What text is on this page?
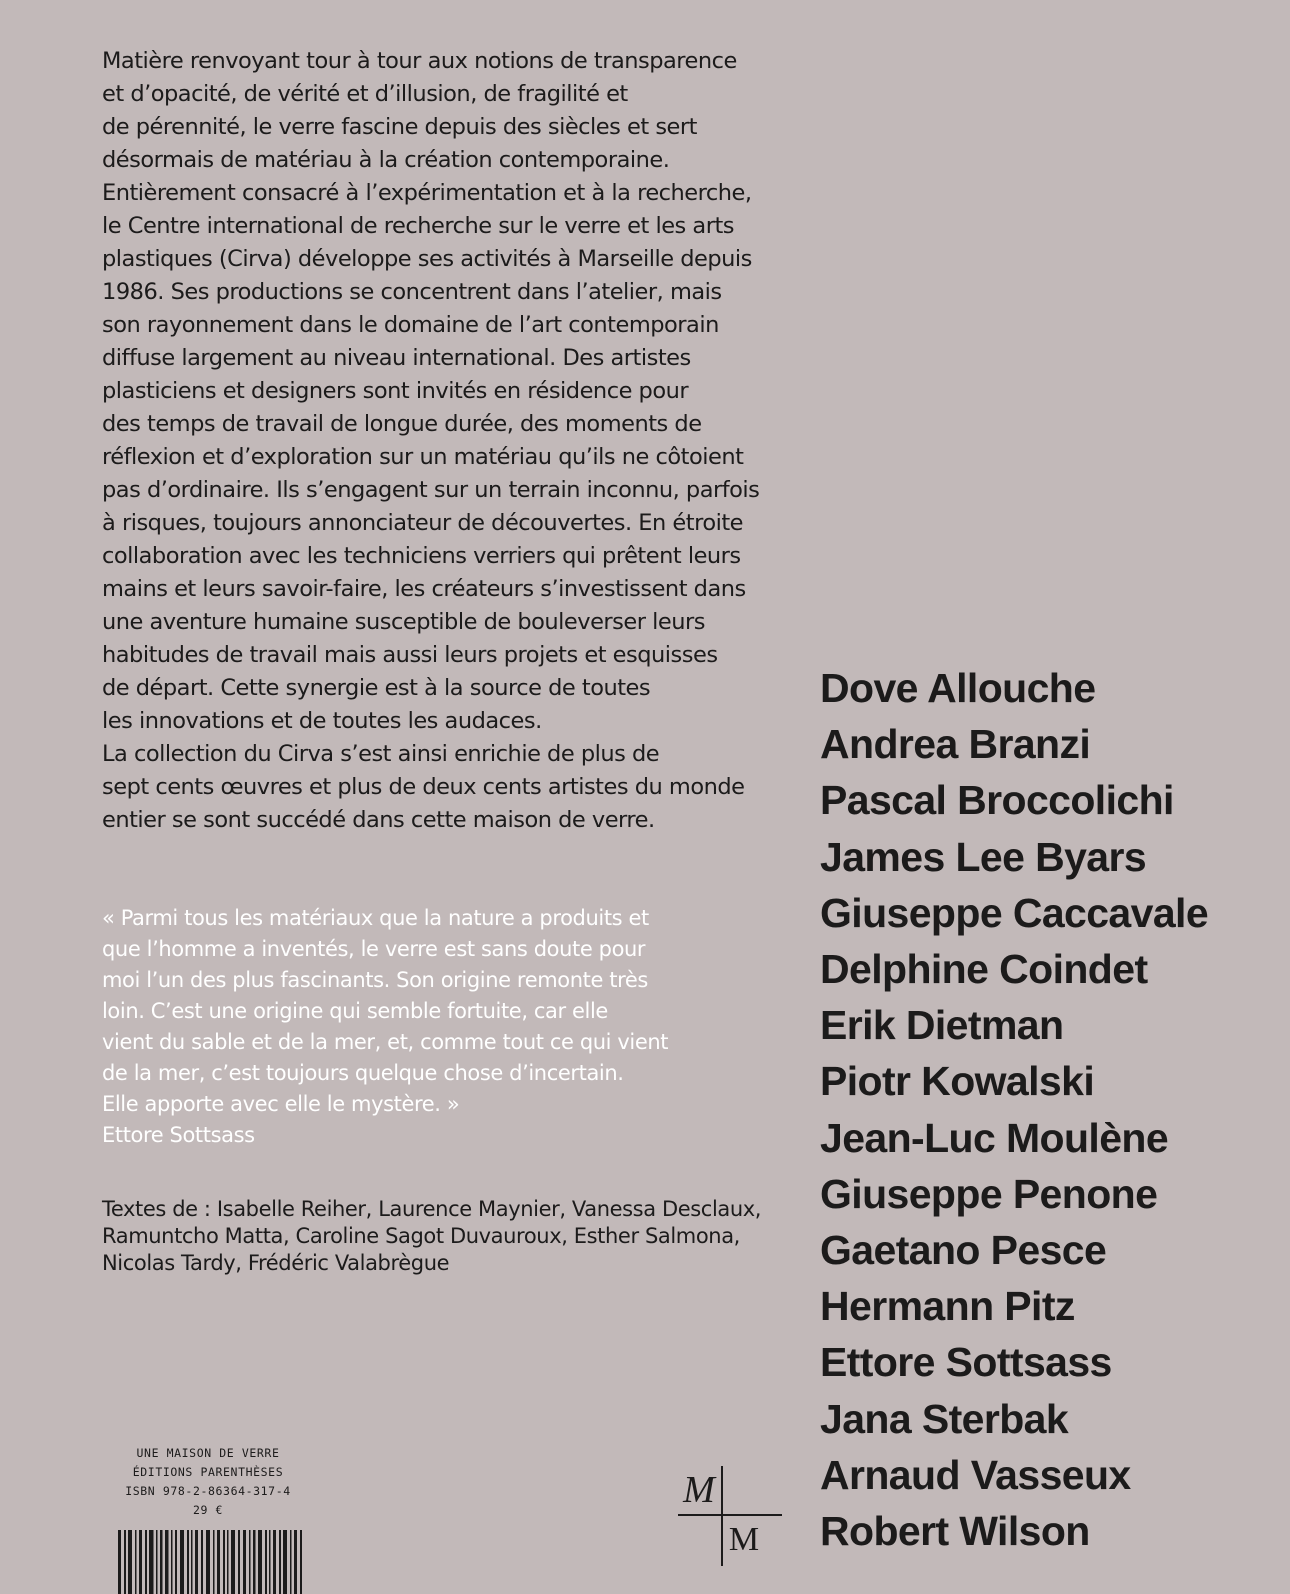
Matière renvoyant tour à tour aux notions de transparence
et d’opacité, de vérité et d’illusion, de fragilité et
de pérennité, le verre fascine depuis des siècles et sert
désormais de matériau à la création contemporaine.
Entièrement consacré à l’expérimentation et à la recherche,
le Centre international de recherche sur le verre et les arts
plastiques (Cirva) développe ses activités à Marseille depuis
1986. Ses productions se concentrent dans l’atelier, mais
son rayonnement dans le domaine de l’art contemporain
diffuse largement au niveau international. Des artistes
plasticiens et designers sont invités en résidence pour
des temps de travail de longue durée, des moments de
réflexion et d’exploration sur un matériau qu’ils ne côtoient
pas d’ordinaire. Ils s’engagent sur un terrain inconnu, parfois
à risques, toujours annonciateur de découvertes. En étroite
collaboration avec les techniciens verriers qui prêtent leurs
mains et leurs savoir-faire, les créateurs s’investissent dans
une aventure humaine susceptible de bouleverser leurs
habitudes de travail mais aussi leurs projets et esquisses
de départ. Cette synergie est à la source de toutes
les innovations et de toutes les audaces.
La collection du Cirva s’est ainsi enrichie de plus de
sept cents œuvres et plus de deux cents artistes du monde
entier se sont succédé dans cette maison de verre.
« Parmi tous les matériaux que la nature a produits et
que l’homme a inventés, le verre est sans doute pour
moi l’un des plus fascinants. Son origine remonte très
loin. C’est une origine qui semble fortuite, car elle
vient du sable et de la mer, et, comme tout ce qui vient
de la mer, c’est toujours quelque chose d’incertain.
Elle apporte avec elle le mystère. »
Ettore Sottsass
Textes de : Isabelle Reiher, Laurence Maynier, Vanessa Desclaux,
Ramuntcho Matta, Caroline Sagot Duvauroux, Esther Salmona,
Nicolas Tardy, Frédéric Valabrègue
Dove Allouche
Andrea Branzi
Pascal Broccolichi
James Lee Byars
Giuseppe Caccavale
Delphine Coindet
Erik Dietman
Piotr Kowalski
Jean-Luc Moulène
Giuseppe Penone
Gaetano Pesce
Hermann Pitz
Ettore Sottsass
Jana Sterbak
Arnaud Vasseux
Robert Wilson
UNE MAISON DE VERRE
ÉDITIONS PARENTHÈSES
ISBN 978-2-86364-317-4
29 €	M
M
